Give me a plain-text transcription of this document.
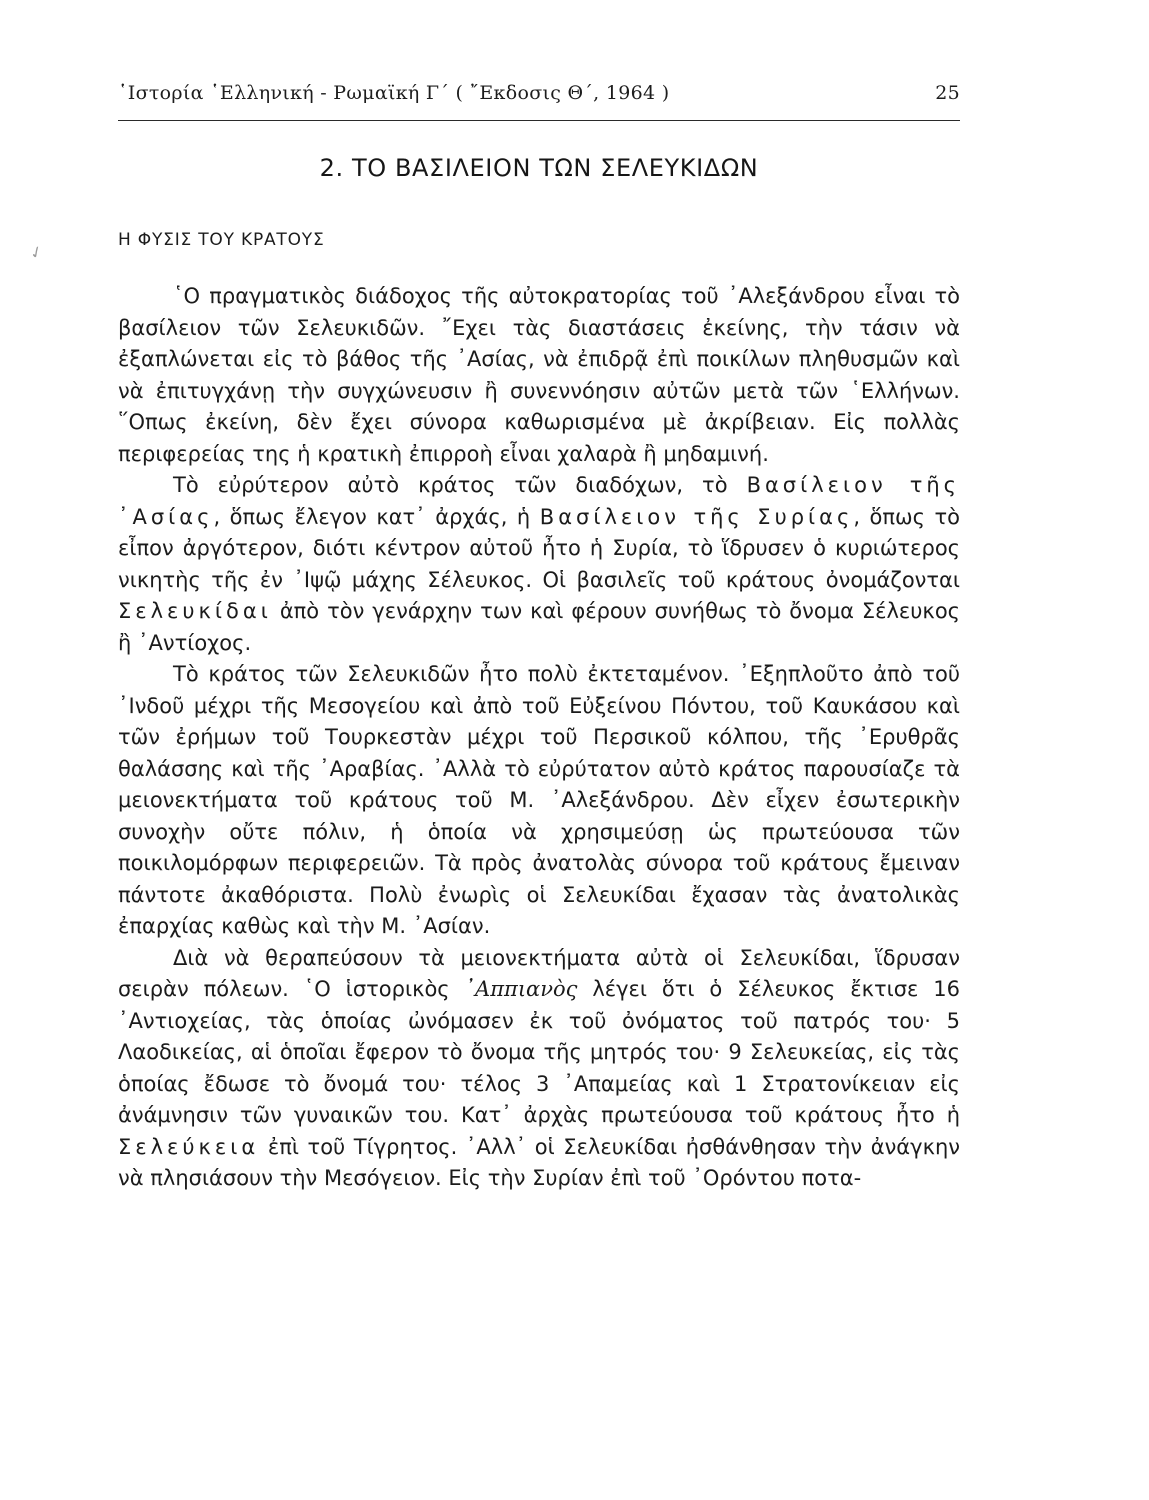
῾Ιστορία ῾Ελληνική - Ρωμαϊκή Γ΄ ( ῎Εκδοσις Θ΄, 1964 )	25
2. ΤΟ ΒΑΣΙΛΕΙΟΝ ΤΩΝ ΣΕΛΕΥΚΙΔΩΝ
Η ΦΥΣΙΣ ΤΟΥ ΚΡΑΤΟΥΣ
✓

῾Ο πραγματικὸς διάδοχος τῆς αὐτοκρατορίας τοῦ ᾿Αλεξάνδρου εἶναι τὸ βασίλειον τῶν Σελευκιδῶν. ῎Εχει τὰς διαστάσεις ἐκείνης, τὴν τάσιν νὰ ἐξαπλώνεται εἰς τὸ βάθος τῆς ᾿Ασίας, νὰ ἐπιδρᾷ ἐπὶ ποικίλων πληθυσμῶν καὶ νὰ ἐπιτυγχάνῃ τὴν συγχώνευσιν ἢ συνεννόησιν αὐτῶν μετὰ τῶν ῾Ελλήνων. ῞Οπως ἐκείνη, δὲν ἔχει σύνορα καθωρισμένα μὲ ἀκρίβειαν. Εἰς πολλὰς περιφερείας της ἡ κρατικὴ ἐπιρροὴ εἶναι χαλαρὰ ἢ μηδαμινή.

Τὸ εὐρύτερον αὐτὸ κράτος τῶν διαδόχων, τὸ Βασίλειον τῆς ᾿Ασίας, ὅπως ἔλεγον κατ᾿ ἀρχάς, ἡ Βασίλειον τῆς Συρίας, ὅπως τὸ εἶπον ἀργότερον, διότι κέντρον αὐτοῦ ἦτο ἡ Συρία, τὸ ἵδρυσεν ὁ κυριώτερος νικητὴς τῆς ἐν ᾿Ιψῷ μάχης Σέλευκος. Οἱ βασιλεῖς τοῦ κράτους ὀνομάζονται Σελευκίδαι ἀπὸ τὸν γενάρχην των καὶ φέρουν συνήθως τὸ ὄνομα Σέλευκος ἢ ᾿Αντίοχος.

Τὸ κράτος τῶν Σελευκιδῶν ἦτο πολὺ ἐκτεταμένον. ᾿Εξηπλοῦτο ἀπὸ τοῦ ᾿Ινδοῦ μέχρι τῆς Μεσογείου καὶ ἀπὸ τοῦ Εὐξείνου Πόντου, τοῦ Καυκάσου καὶ τῶν ἐρήμων τοῦ Τουρκεστὰν μέχρι τοῦ Περσικοῦ κόλπου, τῆς ᾿Ερυθρᾶς θαλάσσης καὶ τῆς ᾿Αραβίας. ᾿Αλλὰ τὸ εὐρύτατον αὐτὸ κράτος παρουσίαζε τὰ μειονεκτήματα τοῦ κράτους τοῦ Μ. ᾿Αλεξάνδρου. Δὲν εἶχεν ἐσωτερικὴν συνοχὴν οὔτε πόλιν, ἡ ὁποία νὰ χρησιμεύσῃ ὡς πρωτεύουσα τῶν ποικιλομόρφων περιφερειῶν. Τὰ πρὸς ἀνατολὰς σύνορα τοῦ κράτους ἔμειναν πάντοτε ἀκαθόριστα. Πολὺ ἐνωρὶς οἱ Σελευκίδαι ἔχασαν τὰς ἀνατολικὰς ἐπαρχίας καθὼς καὶ τὴν Μ. ᾿Ασίαν.

Διὰ νὰ θεραπεύσουν τὰ μειονεκτήματα αὐτὰ οἱ Σελευκίδαι, ἵδρυσαν σειρὰν πόλεων. ῾Ο ἱστορικὸς ᾿Αππιανὸς λέγει ὅτι ὁ Σέλευκος ἔκτισε 16 ᾿Αντιοχείας, τὰς ὁποίας ὠνόμασεν ἐκ τοῦ ὀνόματος τοῦ πατρός του· 5 Λαοδικείας, αἱ ὁποῖαι ἔφερον τὸ ὄνομα τῆς μητρός του· 9 Σελευκείας, εἰς τὰς ὁποίας ἔδωσε τὸ ὄνομά του· τέλος 3 ᾿Απαμείας καὶ 1 Στρατονίκειαν εἰς ἀνάμνησιν τῶν γυναικῶν του. Κατ᾿ ἀρχὰς πρωτεύουσα τοῦ κράτους ἦτο ἡ Σελεύκεια ἐπὶ τοῦ Τίγρητος. ᾿Αλλ᾿ οἱ Σελευκίδαι ἠσθάνθησαν τὴν ἀνάγκην νὰ πλησιάσουν τὴν Μεσόγειον. Εἰς τὴν Συρίαν ἐπὶ τοῦ ᾿Ορόντου ποτα-
